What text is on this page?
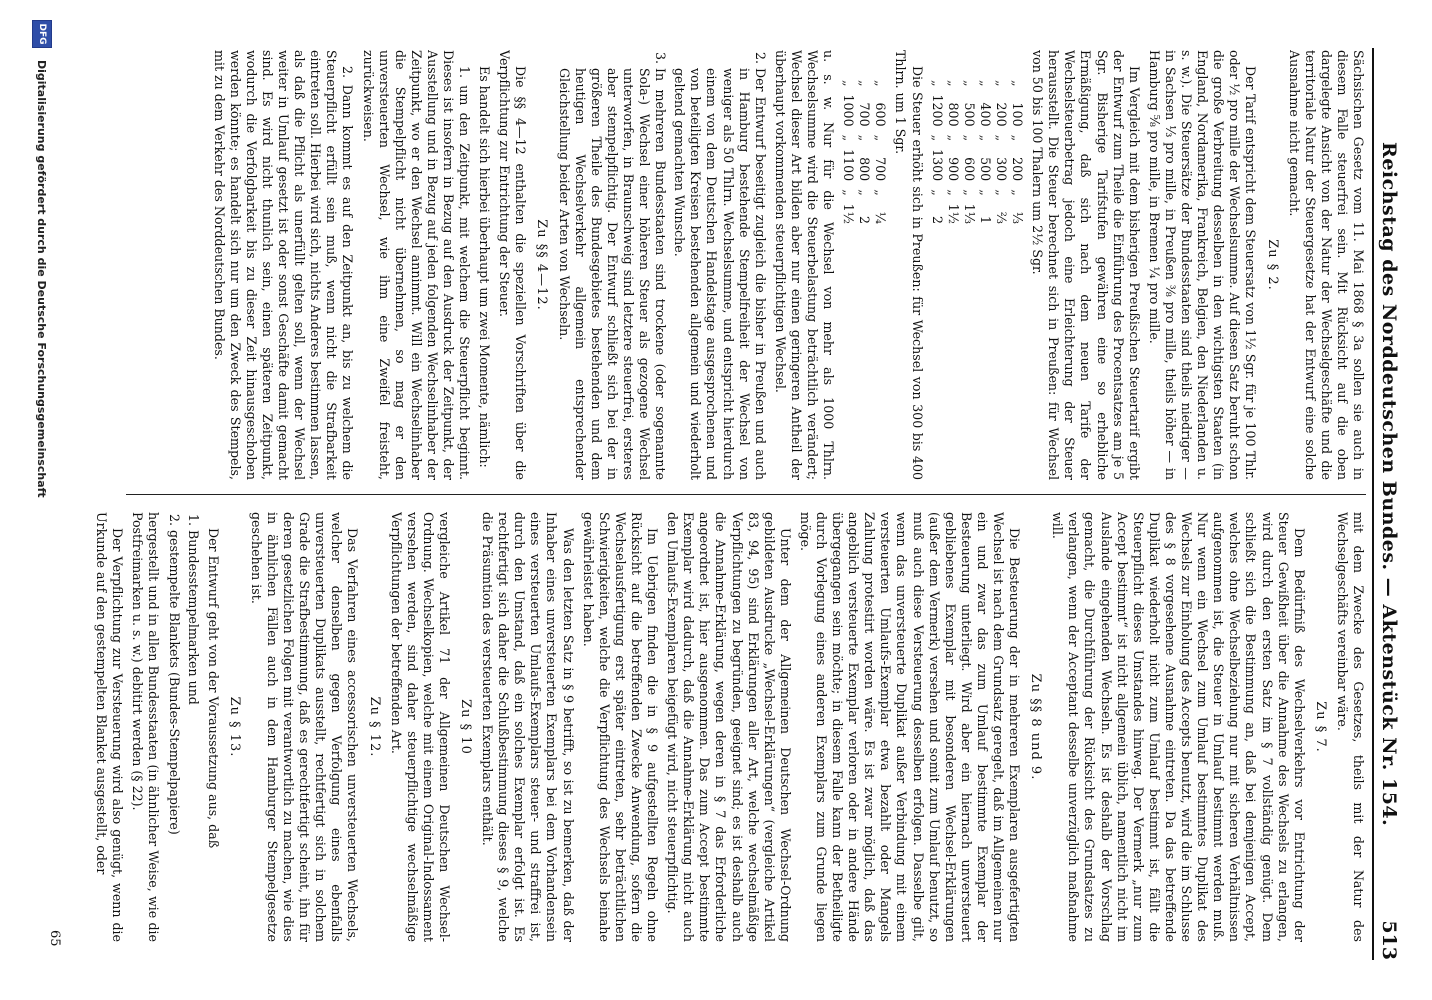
Reichstag des Norddeutschen Bundes. — Aktenstück Nr. 154.
513

Sächsischen Gesetz vom 11. Mai 1868 § 3a sollen sie auch in diesem Falle steuerfrei sein. Mit Rücksicht auf die oben dargelegte Ansicht von der Natur der Wechselgeschäfte und die territoriale Natur der Steuergesetze hat der Entwurf eine solche Ausnahme nicht gemacht.

Zu § 2.

Der Tarif entspricht dem Steuersatz von 1½ Sgr. für je 100 Thlr. oder ½ pro mille der Wechselsumme. Auf diesen Satz beruht schon die große Verbreitung desselben in den wichtigsten Staaten (in England, Nordamerika, Frankreich, Belgien, den Niederlanden u. s. w.). Die Steuersätze der Bundesstaaten sind theils niedriger — in Sachsen ⅓ pro mille, in Preußen ⅜ pro mille, theils höher — in Hamburg ⅝ pro mille, in Bremen ¼ pro mille.

Im Vergleich mit dem bisherigen Preußischen Steuertarif ergibt der Entwurf zum Theile die Einführung des Procentsatzes am je 5 Sgr. Bisherige Tarifstufen gewähren eine so erhebliche Ermäßigung, daß sich nach dem neuen Tarife der Wechselsteuerbetrag jedoch eine Erleichterung der Steuer herausstellt. Die Steuer berechnet sich in Preußen: für Wechsel von 50 bis 100 Thalern um 2½ Sgr.

„	100	„	200	„	⅓
„	200	„	300	„	⅔
„	400	„	500	„	1
„	500	„	600	„	1⅓
„	800	„	900	„	1½
„	1200	„	1300	„	2

Die Steuer erhöht sich in Preußen: für Wechsel von 300 bis 400 Thlrn. um 1 Sgr.

„	600	„	700	„	¼
„	700	„	800	„	2
„	1000	„	1100	„	1½

u. s. w. Nur für die Wechsel von mehr als 1000 Thlrn. Wechselsumme wird die Steuerbelastung beträchtlich verändert; Wechsel dieser Art bilden aber nur einen geringeren Antheil der überhaupt vorkommenden steuerpflichtigen Wechsel.

2. Der Entwurf beseitigt zugleich die bisher in Preußen und auch in Hamburg bestehende Stempelfreiheit der Wechsel von weniger als 50 Thlrn. Wechselsumme, und entspricht hierdurch einem von dem Deutschen Handelstage ausgesprochenen und von beteiligten Kreisen bestehenden allgemein und wiederholt geltend gemachten Wunsche.
3. In mehreren Bundesstaaten sind trockene (oder sogenannte Sola-) Wechsel einer höheren Steuer als gezogene Wechsel unterworfen, in Braunschweig sind letztere steuerfrei, ersteres aber stempelpflichtig. Der Entwurf schließt sich bei der in größeren Theile des Bundesgebietes bestehenden und dem heutigen Wechselverkehr allgemein entsprechender Gleichstellung beider Arten von Wechseln.
Zu §§ 4—12.

Die §§ 4—12 enthalten die speziellen Vorschriften über die Verpflichtung zur Entrichtung der Steuer.

Es handelt sich hierbei überhaupt um zwei Momente, nämlich:

1. um den Zeitpunkt, mit welchem die Steuerpflicht beginnt. Dieses ist insofern in Bezug auf den Ausdruck der Zeitpunkt, der Ausstellung und in Bezug auf jeden folgenden Wechselinhaber der Zeitpunkt, wo er den Wechsel annimmt. Will ein Wechselinhaber die Stempelpflicht nicht übernehmen, so mag er den unversteuerten Wechsel, wie ihm eine Zweifel freisteht, zurückweisen.

2. Dann kommt es auf den Zeitpunkt an, bis zu welchem die Steuerpflicht erfüllt sein muß, wenn nicht die Strafbarkeit eintreten soll. Hierbei wird sich, nichts Anderes bestimmen lassen, als daß die Pflicht als unerfüllt gelten soll, wenn der Wechsel weiter in Umlauf gesetzt ist oder sonst Geschäfte damit gemacht sind. Es wird nicht thunlich sein, einen späteren Zeitpunkt, wodurch die Verfolgbarkeit bis zu dieser Zeit hinausgeschoben werden könnte; es handelt sich nur um den Zweck des Stempels, mit zu dem Verkehr des Norddeutschen Bundes.

mit dem Zwecke des Gesetzes, theils mit der Natur des Wechselgeschäfts vereinbar wäre.

Zu § 7.

Dem Bedürfniß des Wechselverkehrs vor Entrichtung der Steuer Gewißheit über die Annahme des Wechsels zu erlangen, wird durch den ersten Satz im § 7 vollständig genügt. Dem schließt sich die Bestimmung an, daß bei demjenigen Accept, welches ohne Wechselbeziehung nur mit sicheren Verhältnissen aufgenommen ist, die Steuer in Umlauf bestimmt werden muß. Nur wenn ein Wechsel zum Umlauf bestimmtes Duplikat des Wechsels zur Einholung des Accepts benutzt, wird die im Schlusse des § 8 vorgesehene Ausnahme eintreten. Da das betreffende Duplikat wiederholt nicht zum Umlauf bestimmt ist, fällt die Steuerpflicht dieses Umstandes hinweg. Der Vermerk „nur zum Accept bestimmt“ ist nicht allgemein üblich, namentlich nicht im Auslande eingehenden Wechseln. Es ist deshalb der Vorschlag gemacht, die Durchführung der Rücksicht des Grundsatzes zu verlangen, wenn der Acceptant desselbe unverzüglich maßnahme will.

Zu §§ 8 und 9.

Die Besteuerung der in mehreren Exemplaren ausgefertigten Wechsel ist nach dem Grundsatz geregelt, daß im Allgemeinen nur ein und zwar das zum Umlauf bestimmte Exemplar der Besteuerung unterliegt. Wird aber ein hiernach unversteuert gebliebenes Exemplar mit besonderen Wechsel-Erklärungen (außer dem Vermerk) versehen und somit zum Umlauf benutzt, so muß auch diese Versteuerung desselben erfolgen. Dasselbe gilt, wenn das unversteuerte Duplikat außer Verbindung mit einem versteuerten Umlaufs-Exemplar etwa bezahlt oder Mangels Zahlung protestirt worden wäre. Es ist zwar möglich, daß das angeblich versteuerte Exemplar verloren oder in andere Hände übergegangen sein möchte; in diesem Falle kann der Betheiligte durch Vorlegung eines anderen Exemplars zum Grunde liegen möge.

Unter dem der Allgemeinen Deutschen Wechsel-Ordnung gebildeten Ausdrucke „Wechsel-Erklärungen“ (vergleiche Artikel 83, 94, 95) sind Erklärungen aller Art, welche wechselmäßige Verpflichtungen zu begründen, geeignet sind; es ist deshalb auch die Annahme-Erklärung, wegen deren in § 7 das Erforderliche angeordnet ist, hier ausgenommen. Das zum Accept bestimmte Exemplar wird dadurch, daß die Annahme-Erklärung nicht auch den Umlaufs-Exemplaren beigefügt wird, nicht steuerpflichtig.

Im Uebrigen finden die in § 9 aufgestellten Regeln ohne Rücksicht auf die betreffenden Zwecke Anwendung, sofern die Wechselausfertigung erst später eintreten, sehr beträchtlichen Schwierigkeiten, welche die Verpflichtung des Wechsels beinahe gewährleistet haben.

Was den letzten Satz in § 9 betrifft, so ist zu bemerken, daß der Inhaber eines unversteuerten Exemplars bei dem Vorhandensein eines versteuerten Umlaufs-Exemplars steuer- und straffrei ist, durch den Umstand, daß ein solches Exemplar erfolgt ist. Es rechtfertigt sich daher die Schlußbestimmung dieses § 9, welche die Präsumtion des versteuerten Exemplars enthält.

Zu § 10

vergleiche Artikel 71 der Allgemeinen Deutschen Wechsel-Ordnung. Wechselkopien, welche mit einem Original-Indossament versehen werden, sind daher steuerpflichtige wechselmäßige Verpflichtungen der betreffenden Art.

Zu § 12.

Das Verfahren eines accessorischen unversteuerten Wechsels, welcher denselben gegen Verfolgung eines ebenfalls unversteuerten Duplikats ausstellt, rechtfertigt sich in solchem Grade die Strafbestimmung, daß es gerechtfertigt scheint, ihn für deren gesetzlichen Folgen mit verantwortlich zu machen, wie dies in ähnlichen Fällen auch in dem Hamburger Stempelgesetze geschehen ist.

Zu § 13.

Der Entwurf geht von der Voraussetzung aus, daß

1. Bundesstempelmarken und
2. gestempelte Blankets (Bundes-Stempelpapiere)

hergestellt und in allen Bundesstaaten (in ähnlicher Weise, wie die Postfreimarken u. s. w.) debitirt werden (§ 22).

Der Verpflichtung zur Versteuerung wird also genügt, wenn die Urkunde auf den gestempelten Blanket ausgestellt, oder

65
Digitalisierung gefördert durch die Deutsche Forschungsgemeinschaft
DFG
